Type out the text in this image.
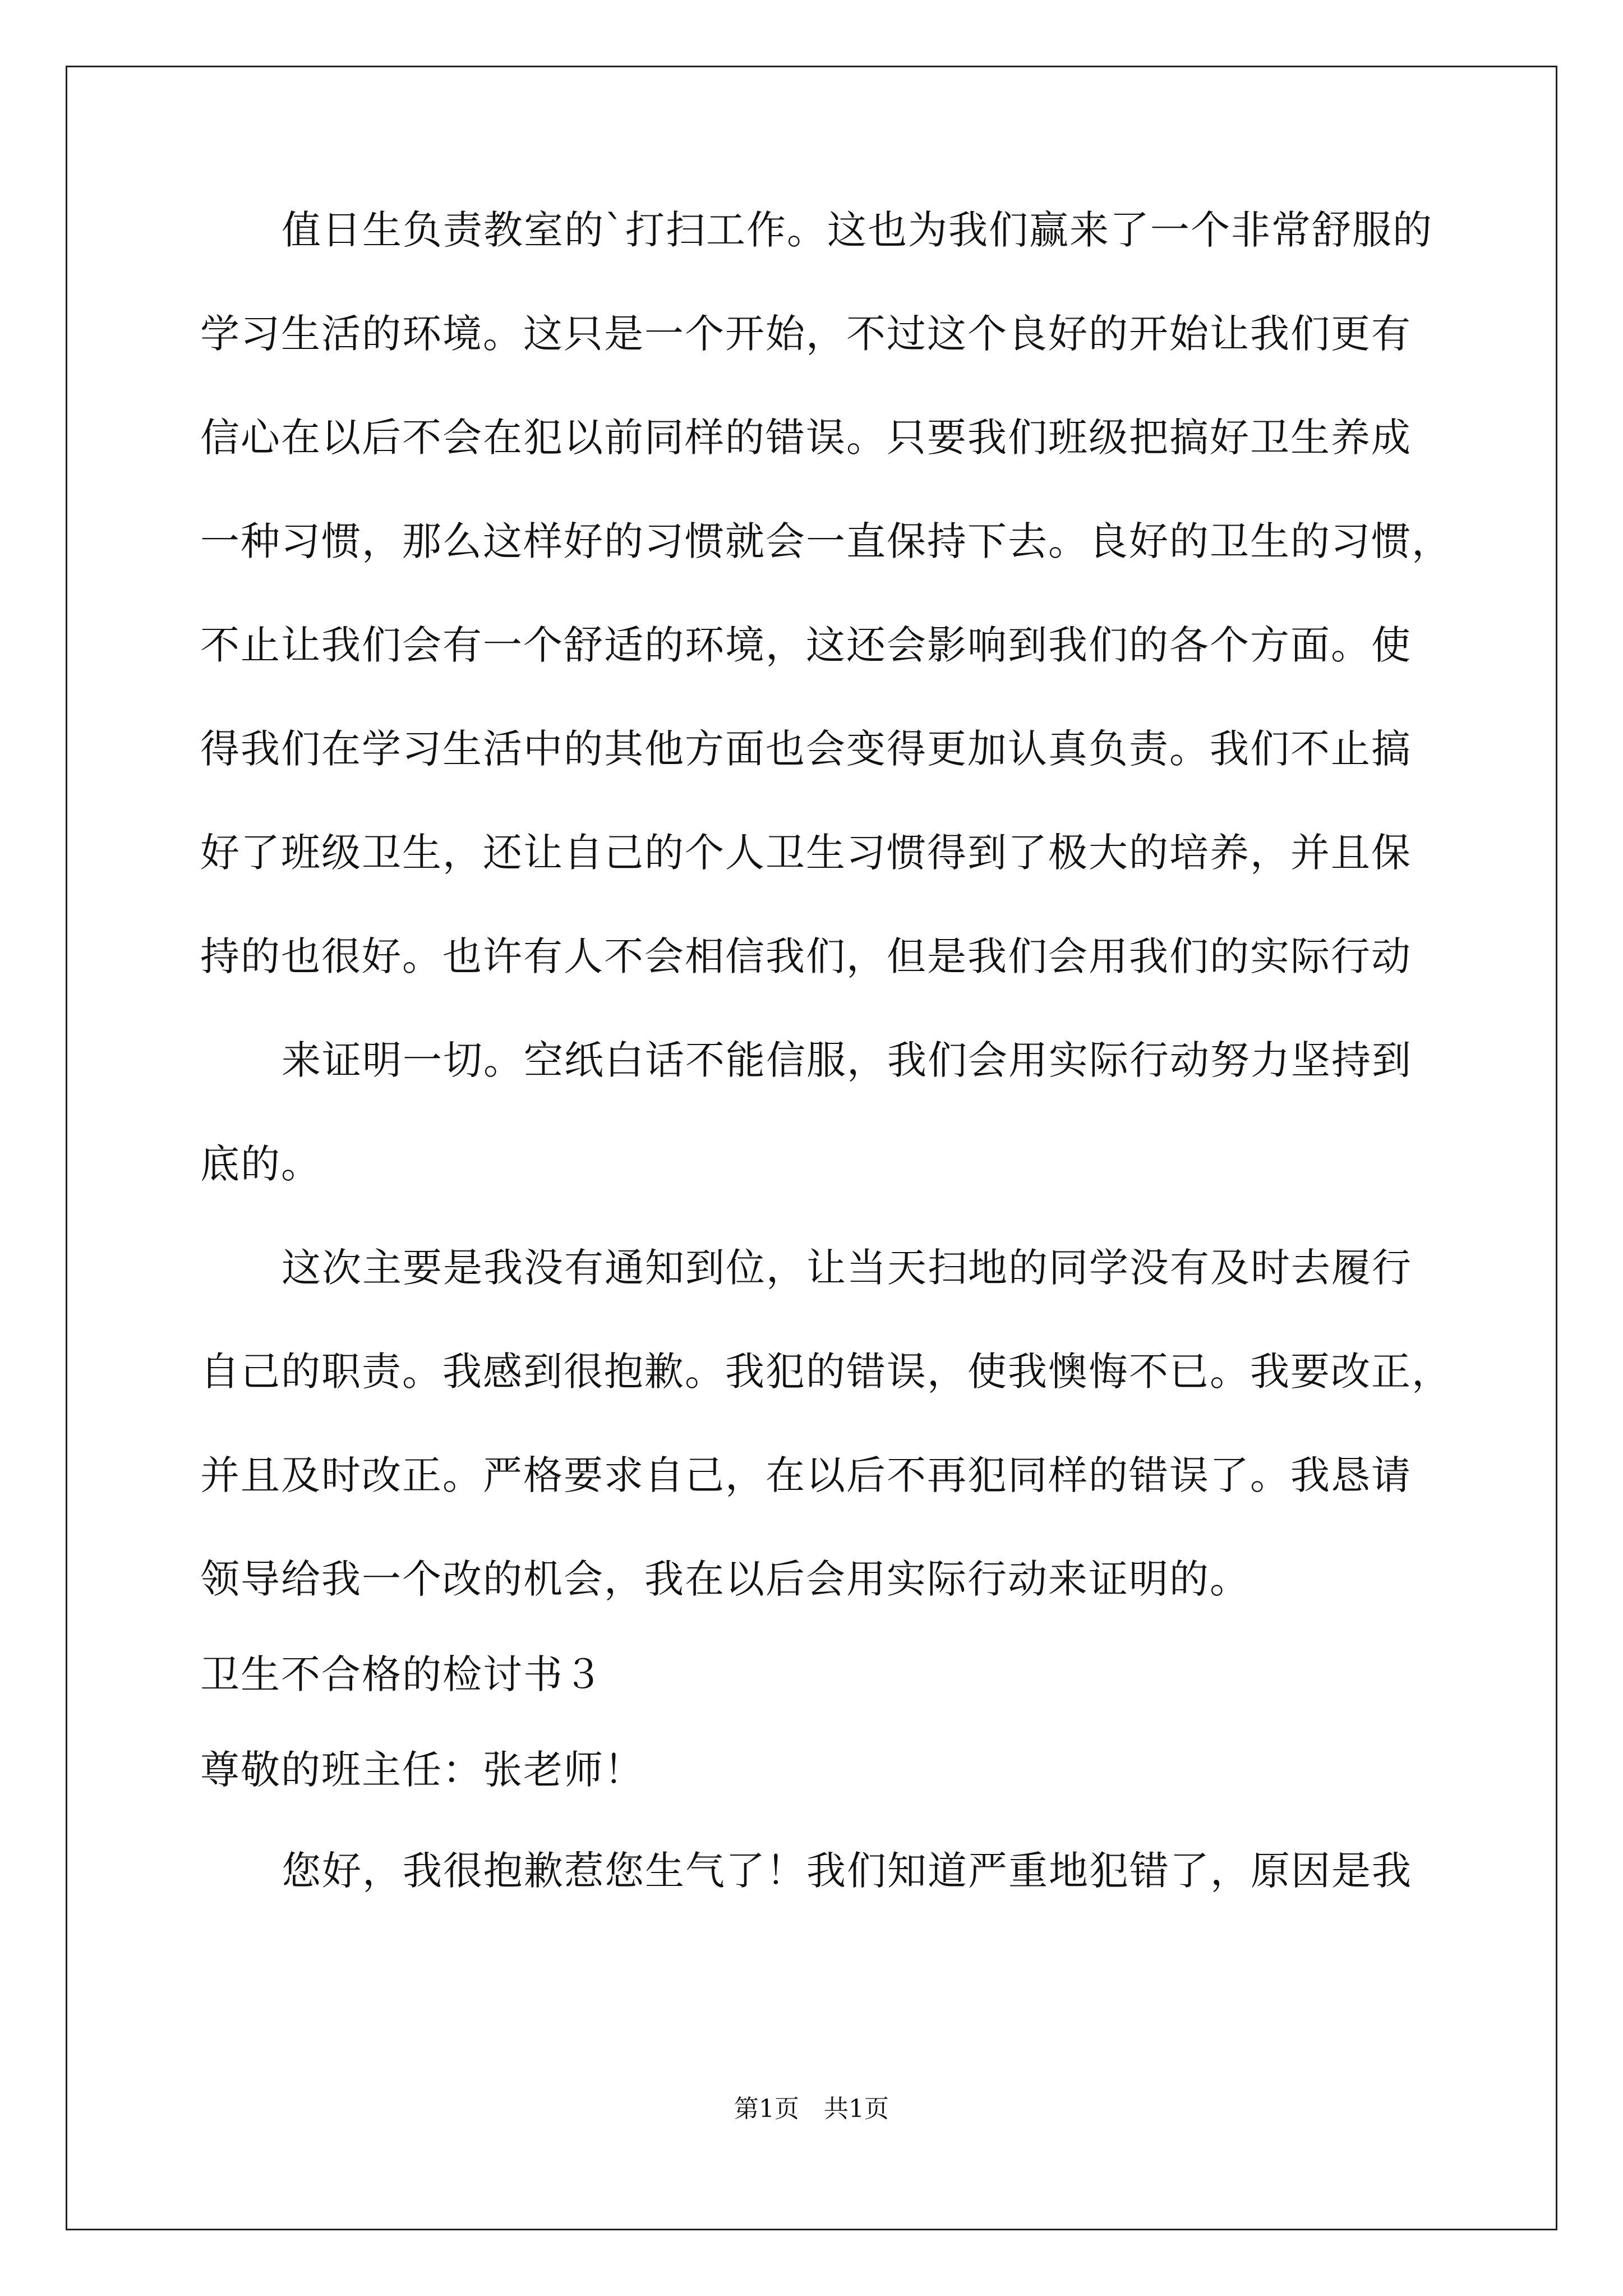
值日生负责教室的`打扫工作。这也为我们赢来了一个非常舒服的
学习生活的环境。这只是一个开始，不过这个良好的开始让我们更有
信心在以后不会在犯以前同样的错误。只要我们班级把搞好卫生养成
一种习惯，那么这样好的习惯就会一直保持下去。良好的卫生的习惯，
不止让我们会有一个舒适的环境，这还会影响到我们的各个方面。使
得我们在学习生活中的其他方面也会变得更加认真负责。我们不止搞
好了班级卫生，还让自己的个人卫生习惯得到了极大的培养，并且保
持的也很好。也许有人不会相信我们，但是我们会用我们的实际行动
来证明一切。空纸白话不能信服，我们会用实际行动努力坚持到
底的。
这次主要是我没有通知到位，让当天扫地的同学没有及时去履行
自己的职责。我感到很抱歉。我犯的错误，使我懊悔不已。我要改正，
并且及时改正。严格要求自己，在以后不再犯同样的错误了。我恳请
领导给我一个改的机会，我在以后会用实际行动来证明的。
卫生不合格的检讨书３
尊敬的班主任：张老师！
您好，我很抱歉惹您生气了！我们知道严重地犯错了，原因是我
第1页　共1页
